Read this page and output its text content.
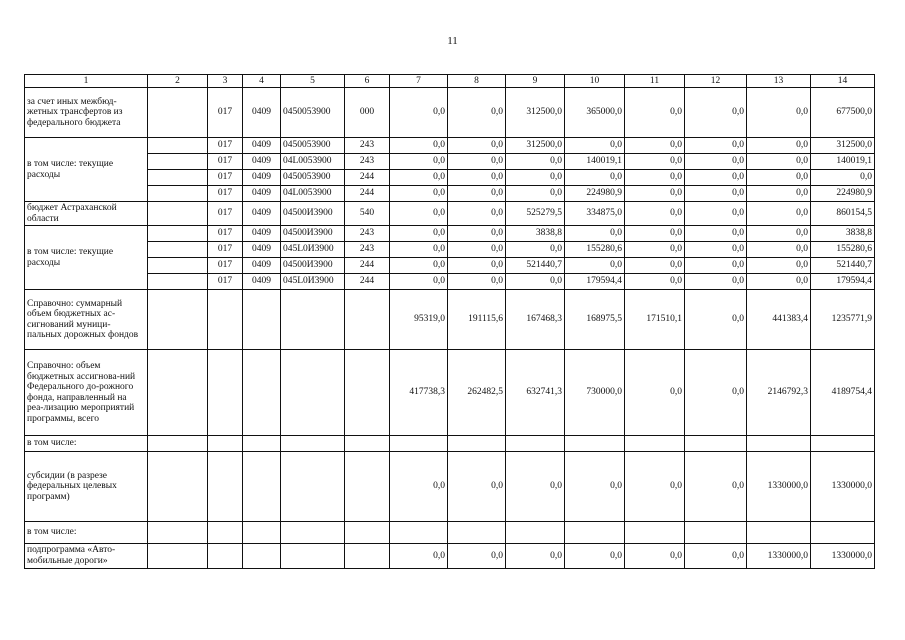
11
1	2	3	4	5	6	7	8	9	10	11	12	13	14
за счет иных межбюд-жетных трансфертов из федерального бюджета		017	0409	0450053900	000	0,0	0,0	312500,0	365000,0	0,0	0,0	0,0	677500,0
в том числе: текущие расходы		017	0409	0450053900	243	0,0	0,0	312500,0	0,0	0,0	0,0	0,0	312500,0
		017	0409	04L0053900	243	0,0	0,0	0,0	140019,1	0,0	0,0	0,0	140019,1
		017	0409	0450053900	244	0,0	0,0	0,0	0,0	0,0	0,0	0,0	0,0
		017	0409	04L0053900	244	0,0	0,0	0,0	224980,9	0,0	0,0	0,0	224980,9
бюджет Астраханской области		017	0409	04500И3900	540	0,0	0,0	525279,5	334875,0	0,0	0,0	0,0	860154,5
в том числе: текущие расходы		017	0409	04500И3900	243	0,0	0,0	3838,8	0,0	0,0	0,0	0,0	3838,8
		017	0409	045L0И3900	243	0,0	0,0	0,0	155280,6	0,0	0,0	0,0	155280,6
		017	0409	04500И3900	244	0,0	0,0	521440,7	0,0	0,0	0,0	0,0	521440,7
		017	0409	045L0И3900	244	0,0	0,0	0,0	179594,4	0,0	0,0	0,0	179594,4
Справочно: суммарный объем бюджетных ас-сигнований муници-пальных дорожных фондов						95319,0	191115,6	167468,3	168975,5	171510,1	0,0	441383,4	1235771,9
Справочно: объем бюджетных ассигнова-ний Федерального до-рожного фонда, направленный на реа-лизацию мероприятий программы, всего						417738,3	262482,5	632741,3	730000,0	0,0	0,0	2146792,3	4189754,4
в том числе:													
субсидии (в разрезе федеральных целевых программ)						0,0	0,0	0,0	0,0	0,0	0,0	1330000,0	1330000,0
в том числе:													
подпрограмма «Авто-мобильные дороги»						0,0	0,0	0,0	0,0	0,0	0,0	1330000,0	1330000,0
